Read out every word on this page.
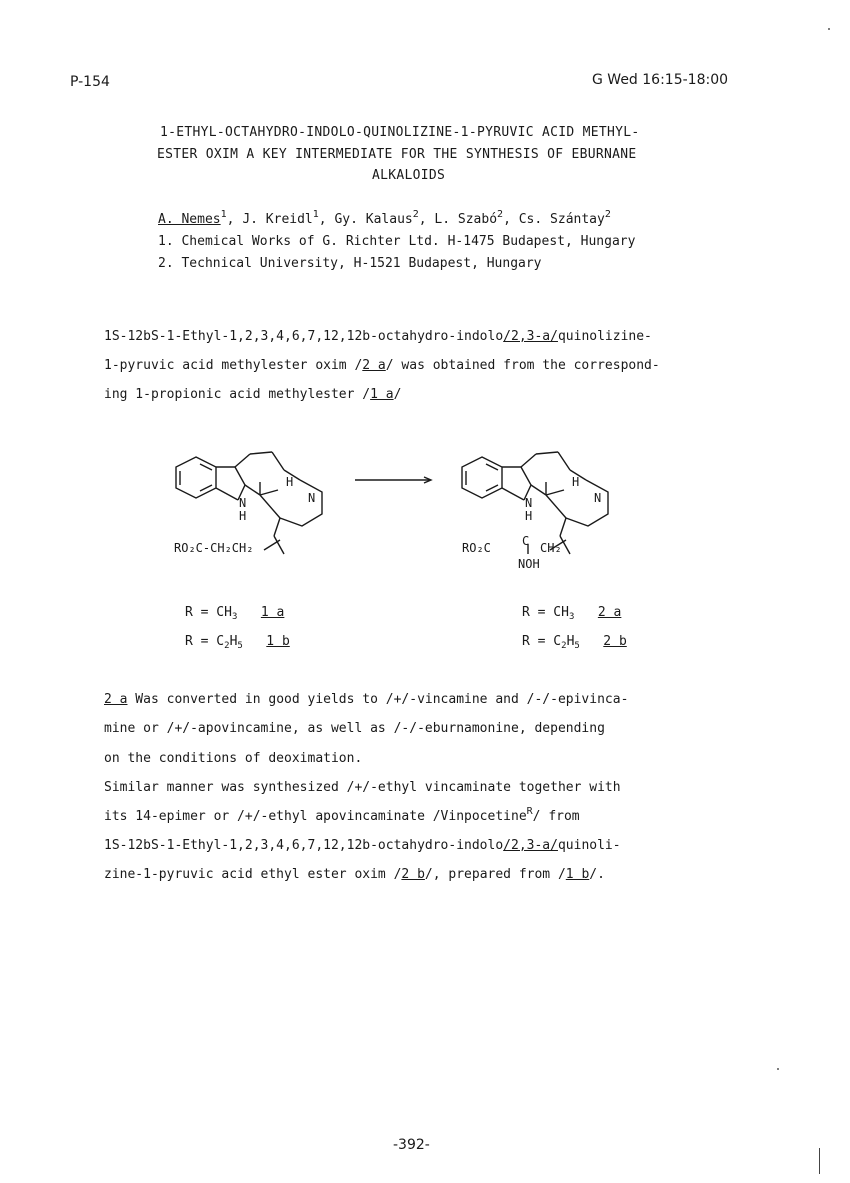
P-154	G Wed 16:15-18:00
1-ETHYL-OCTAHYDRO-INDOLO-QUINOLIZINE-1-PYRUVIC ACID METHYL-
ESTER OXIM A KEY INTERMEDIATE FOR THE SYNTHESIS OF EBURNANE
ALKALOIDS
A. Nemes$^1$, J. Kreidl$^1$, Gy. Kalaus$^2$, L. Szabó$^2$, Cs. Szántay$^2$
1. Chemical Works of G. Richter Ltd. H-1475 Budapest, Hungary
2. Technical University, H-1521 Budapest, Hungary
1S-12bS-1-Ethyl-1,2,3,4,6,7,12,12b-octahydro-indolo/2,3-a/quinolizine-
1-pyruvic acid methylester oxim /2 a/ was obtained from the correspond-
ing 1-propionic acid methylester /1 a/
N
H
H
N
RO₂C-CH₂CH₂
N
H
H
N
RO₂C	C
NOH
CH₂
$R = CH_3$ 1 a
$R = C_2H_5$ 1 b
$R = CH_3$ 2 a
$R = C_2H_5$ 2 b
2 a Was converted in good yields to /+/-vincamine and /-/-epivinca-
mine or /+/-apovincamine, as well as /-/-eburnamonine, depending
on the conditions of deoximation.
Similar manner was synthesized /+/-ethyl vincaminate together with
its 14-epimer or /+/-ethyl apovincaminate /Vinpocetine$^R$/ from
1S-12bS-1-Ethyl-1,2,3,4,6,7,12,12b-octahydro-indolo/2,3-a/quinoli-
zine-1-pyruvic acid ethyl ester oxim /2 b/, prepared from /1 b/.
-392-
